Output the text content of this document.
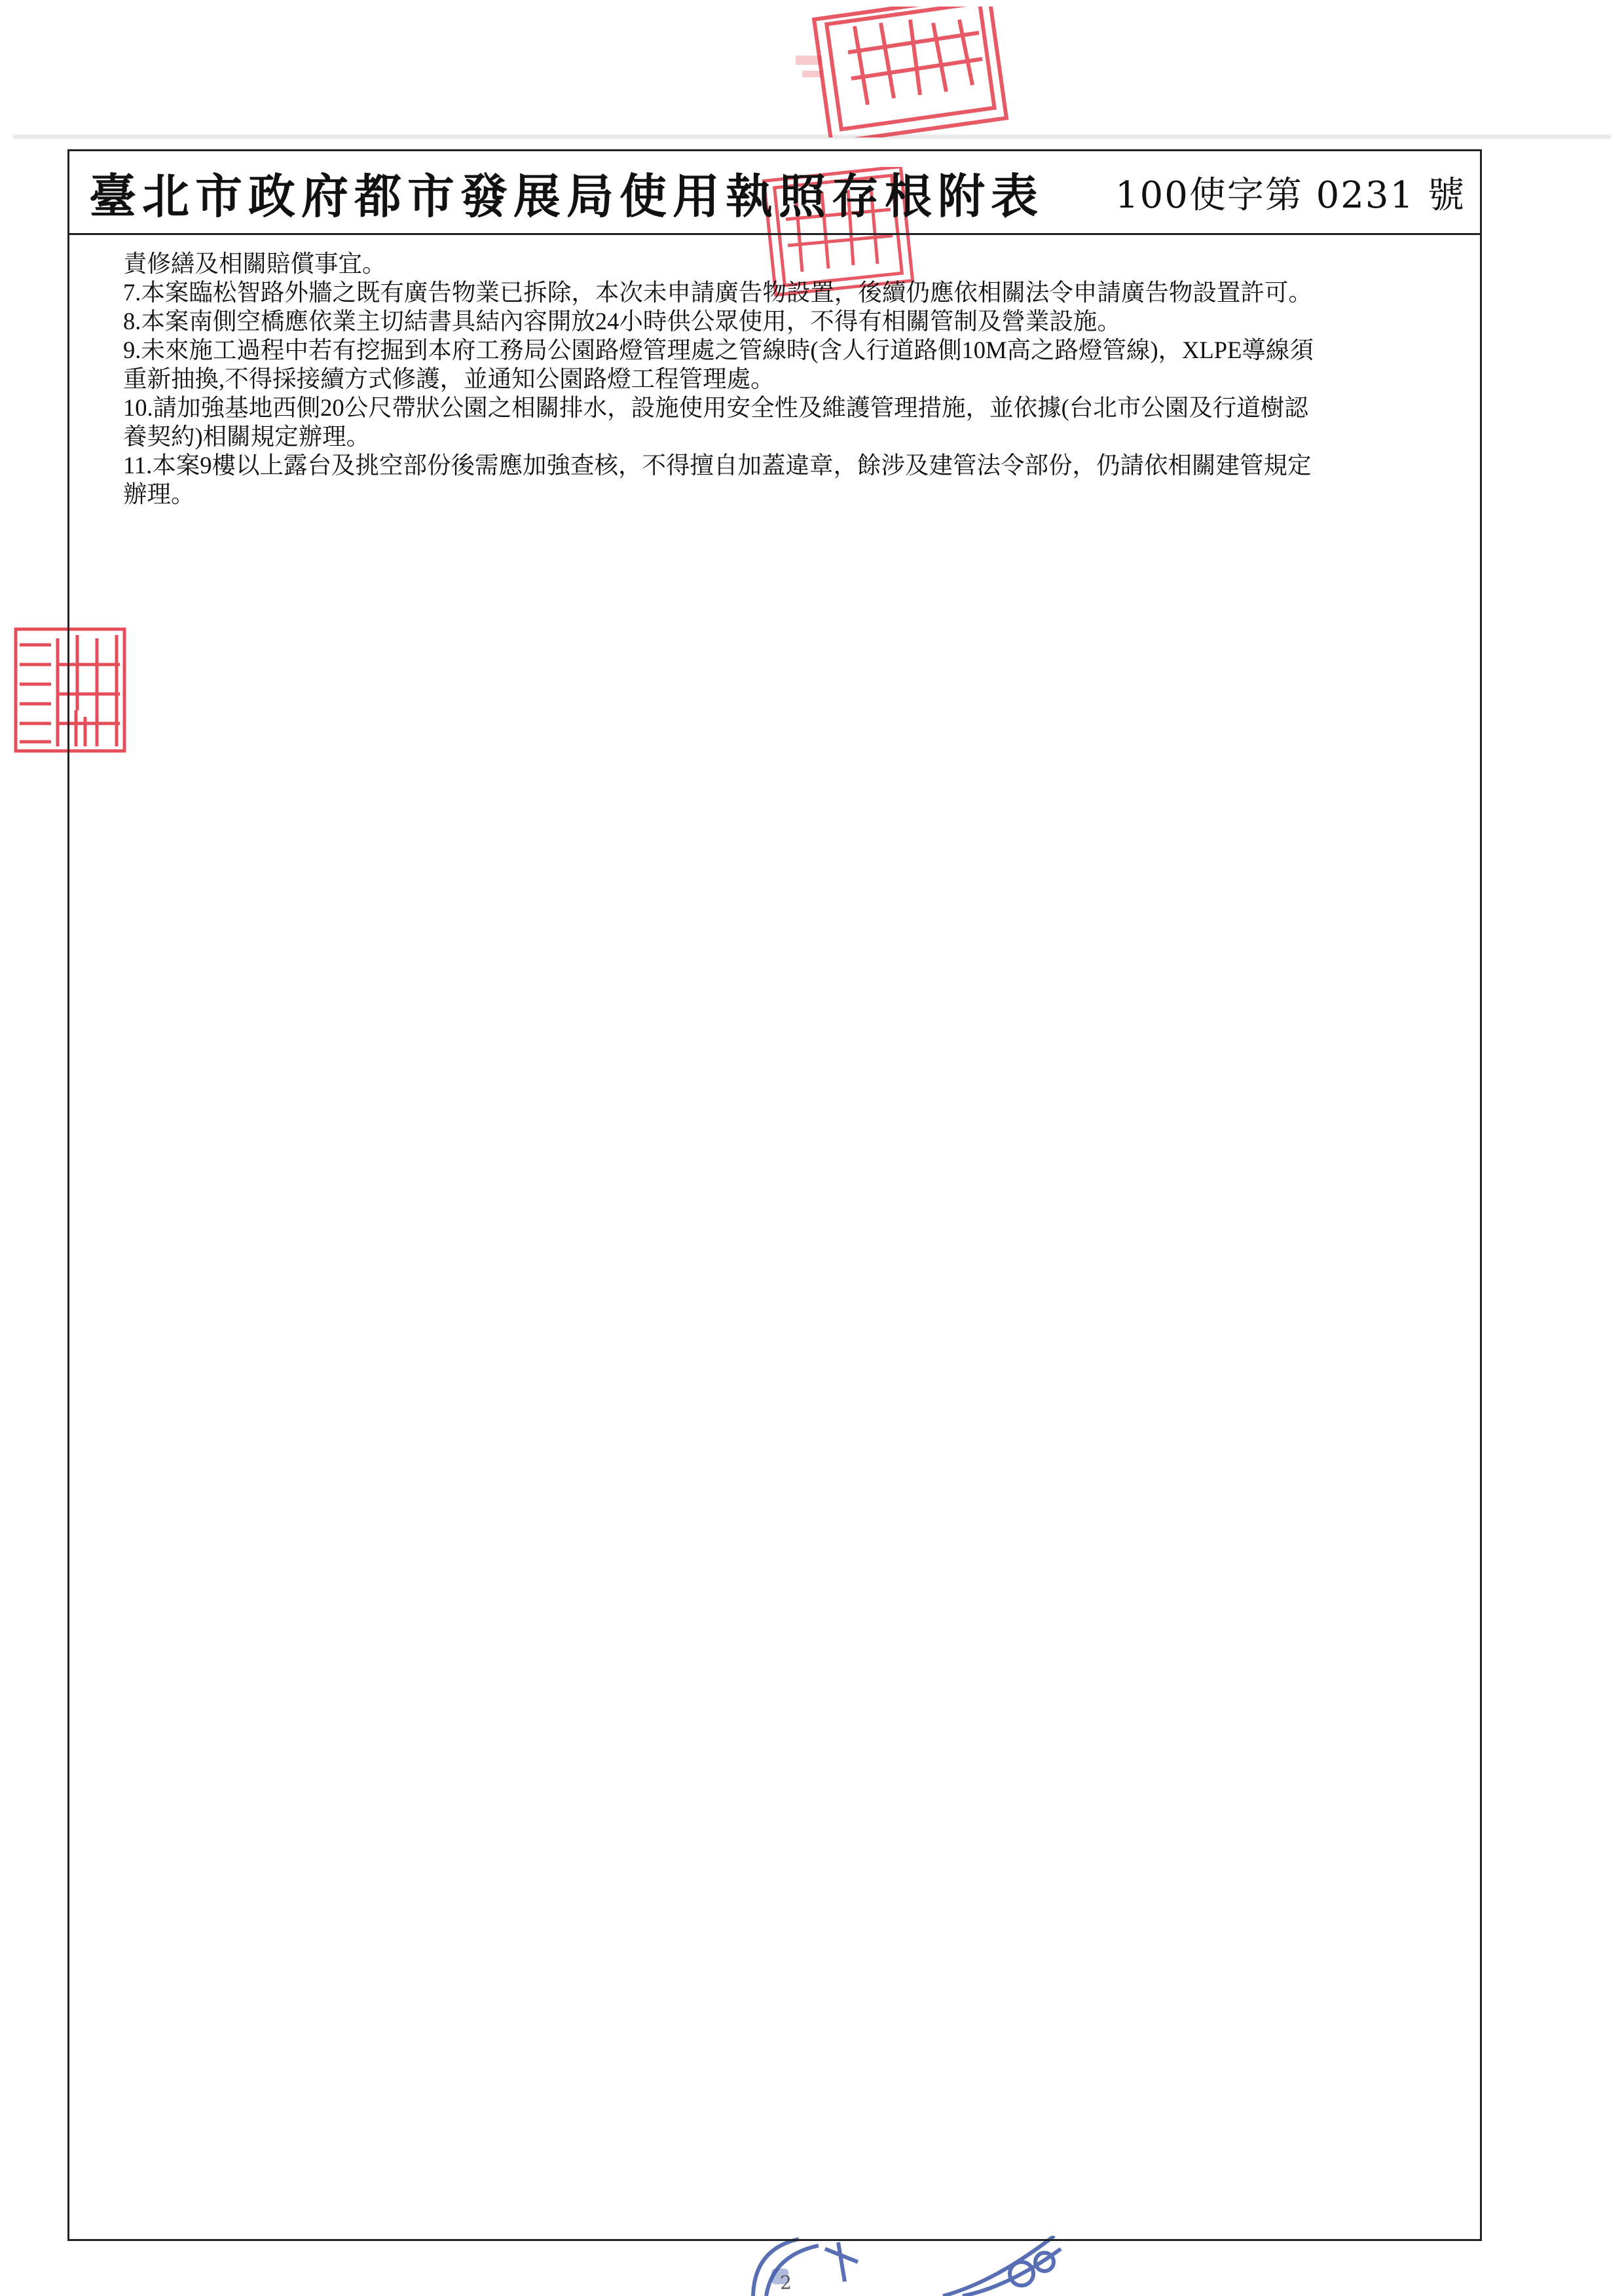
臺北市政府都市發展局使用執照存根附表 100使字第 0231 號

責修繕及相關賠償事宜。

7.本案臨松智路外牆之既有廣告物業已拆除，本次未申請廣告物設置，後續仍應依相關法令申請廣告物設置許可。

8.本案南側空橋應依業主切結書具結內容開放24小時供公眾使用，不得有相關管制及營業設施。

9.未來施工過程中若有挖掘到本府工務局公園路燈管理處之管線時(含人行道路側10M高之路燈管線)，XLPE導線須

重新抽換,不得採接續方式修護，並通知公園路燈工程管理處。

10.請加強基地西側20公尺帶狀公園之相關排水，設施使用安全性及維護管理措施，並依據(台北市公園及行道樹認

養契約)相關規定辦理。

11.本案9樓以上露台及挑空部份後需應加強查核，不得擅自加蓋違章，餘涉及建管法令部份，仍請依相關建管規定

辦理。

2
